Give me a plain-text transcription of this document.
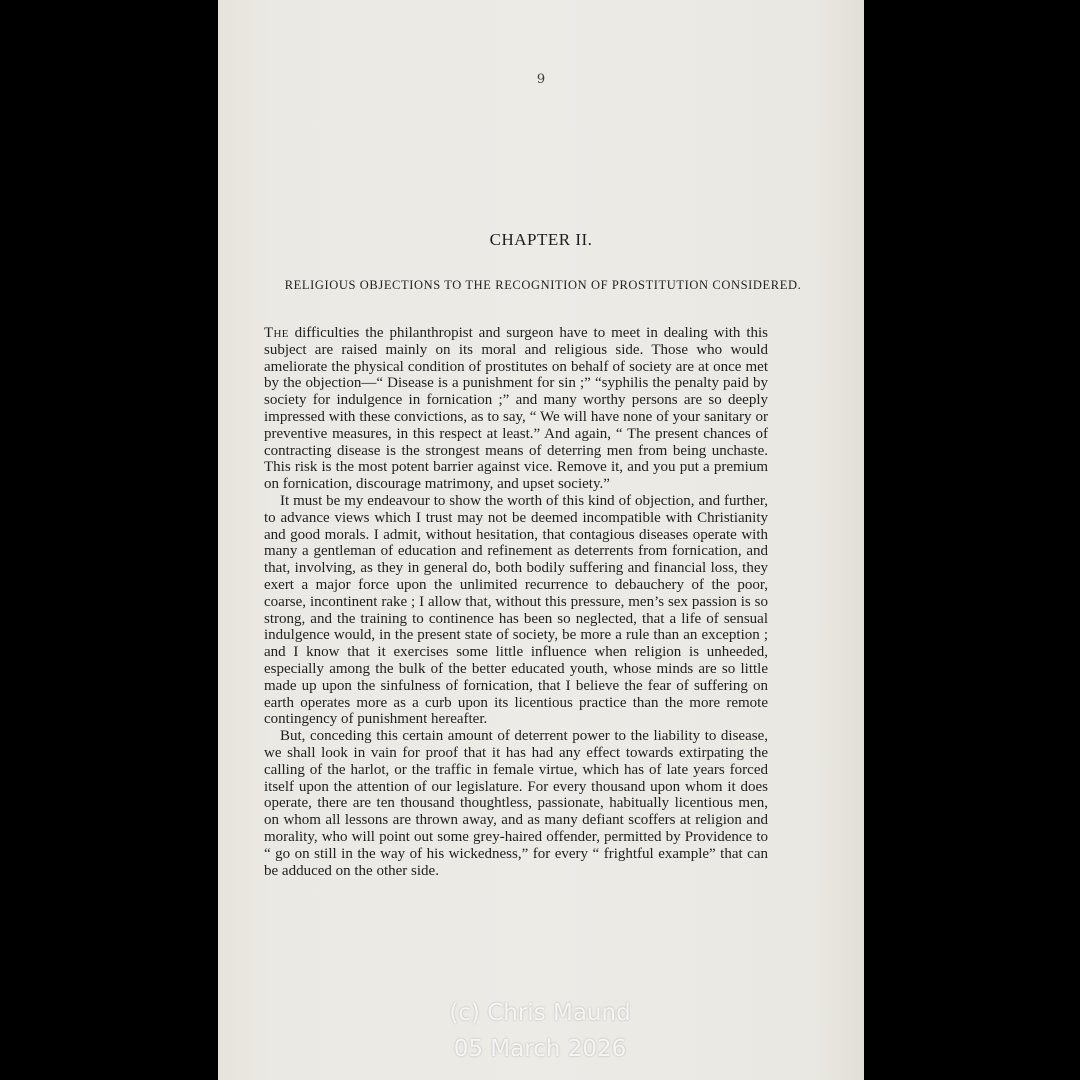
9
CHAPTER II.
RELIGIOUS OBJECTIONS TO THE RECOGNITION OF PROSTITUTION CONSIDERED.

The difficulties the philanthropist and surgeon have to meet in dealing with this subject are raised mainly on its moral and religious side. Those who would ameliorate the physical condition of prostitutes on behalf of society are at once met by the objection—“ Disease is a punishment for sin ;” “syphilis the penalty paid by society for indulgence in fornication ;” and many worthy persons are so deeply impressed with these convictions, as to say, “ We will have none of your sanitary or preventive measures, in this respect at least.” And again, “ The present chances of contracting disease is the strongest means of deterring men from being unchaste. This risk is the most potent barrier against vice. Remove it, and you put a premium on fornication, discourage matrimony, and upset society.”

It must be my endeavour to show the worth of this kind of objection, and further, to advance views which I trust may not be deemed incompatible with Christianity and good morals. I admit, without hesitation, that contagious diseases operate with many a gentleman of education and refinement as deterrents from fornication, and that, involving, as they in general do, both bodily suffering and financial loss, they exert a major force upon the unlimited recurrence to debauchery of the poor, coarse, incontinent rake ; I allow that, without this pressure, men’s sex passion is so strong, and the training to continence has been so neglected, that a life of sensual indulgence would, in the present state of society, be more a rule than an exception ; and I know that it exercises some little influence when religion is unheeded, especially among the bulk of the better educated youth, whose minds are so little made up upon the sinfulness of fornication, that I believe the fear of suffering on earth operates more as a curb upon its licentious practice than the more remote contingency of punishment hereafter.

But, conceding this certain amount of deterrent power to the liability to disease, we shall look in vain for proof that it has had any effect towards extirpating the calling of the harlot, or the traffic in female virtue, which has of late years forced itself upon the attention of our legislature. For every thousand upon whom it does operate, there are ten thousand thoughtless, passionate, habitually licentious men, on whom all lessons are thrown away, and as many defiant scoffers at religion and morality, who will point out some grey-haired offender, permitted by Providence to “ go on still in the way of his wickedness,” for every “ frightful example” that can be adduced on the other side.

(c) Chris Maund
05 March 2026
